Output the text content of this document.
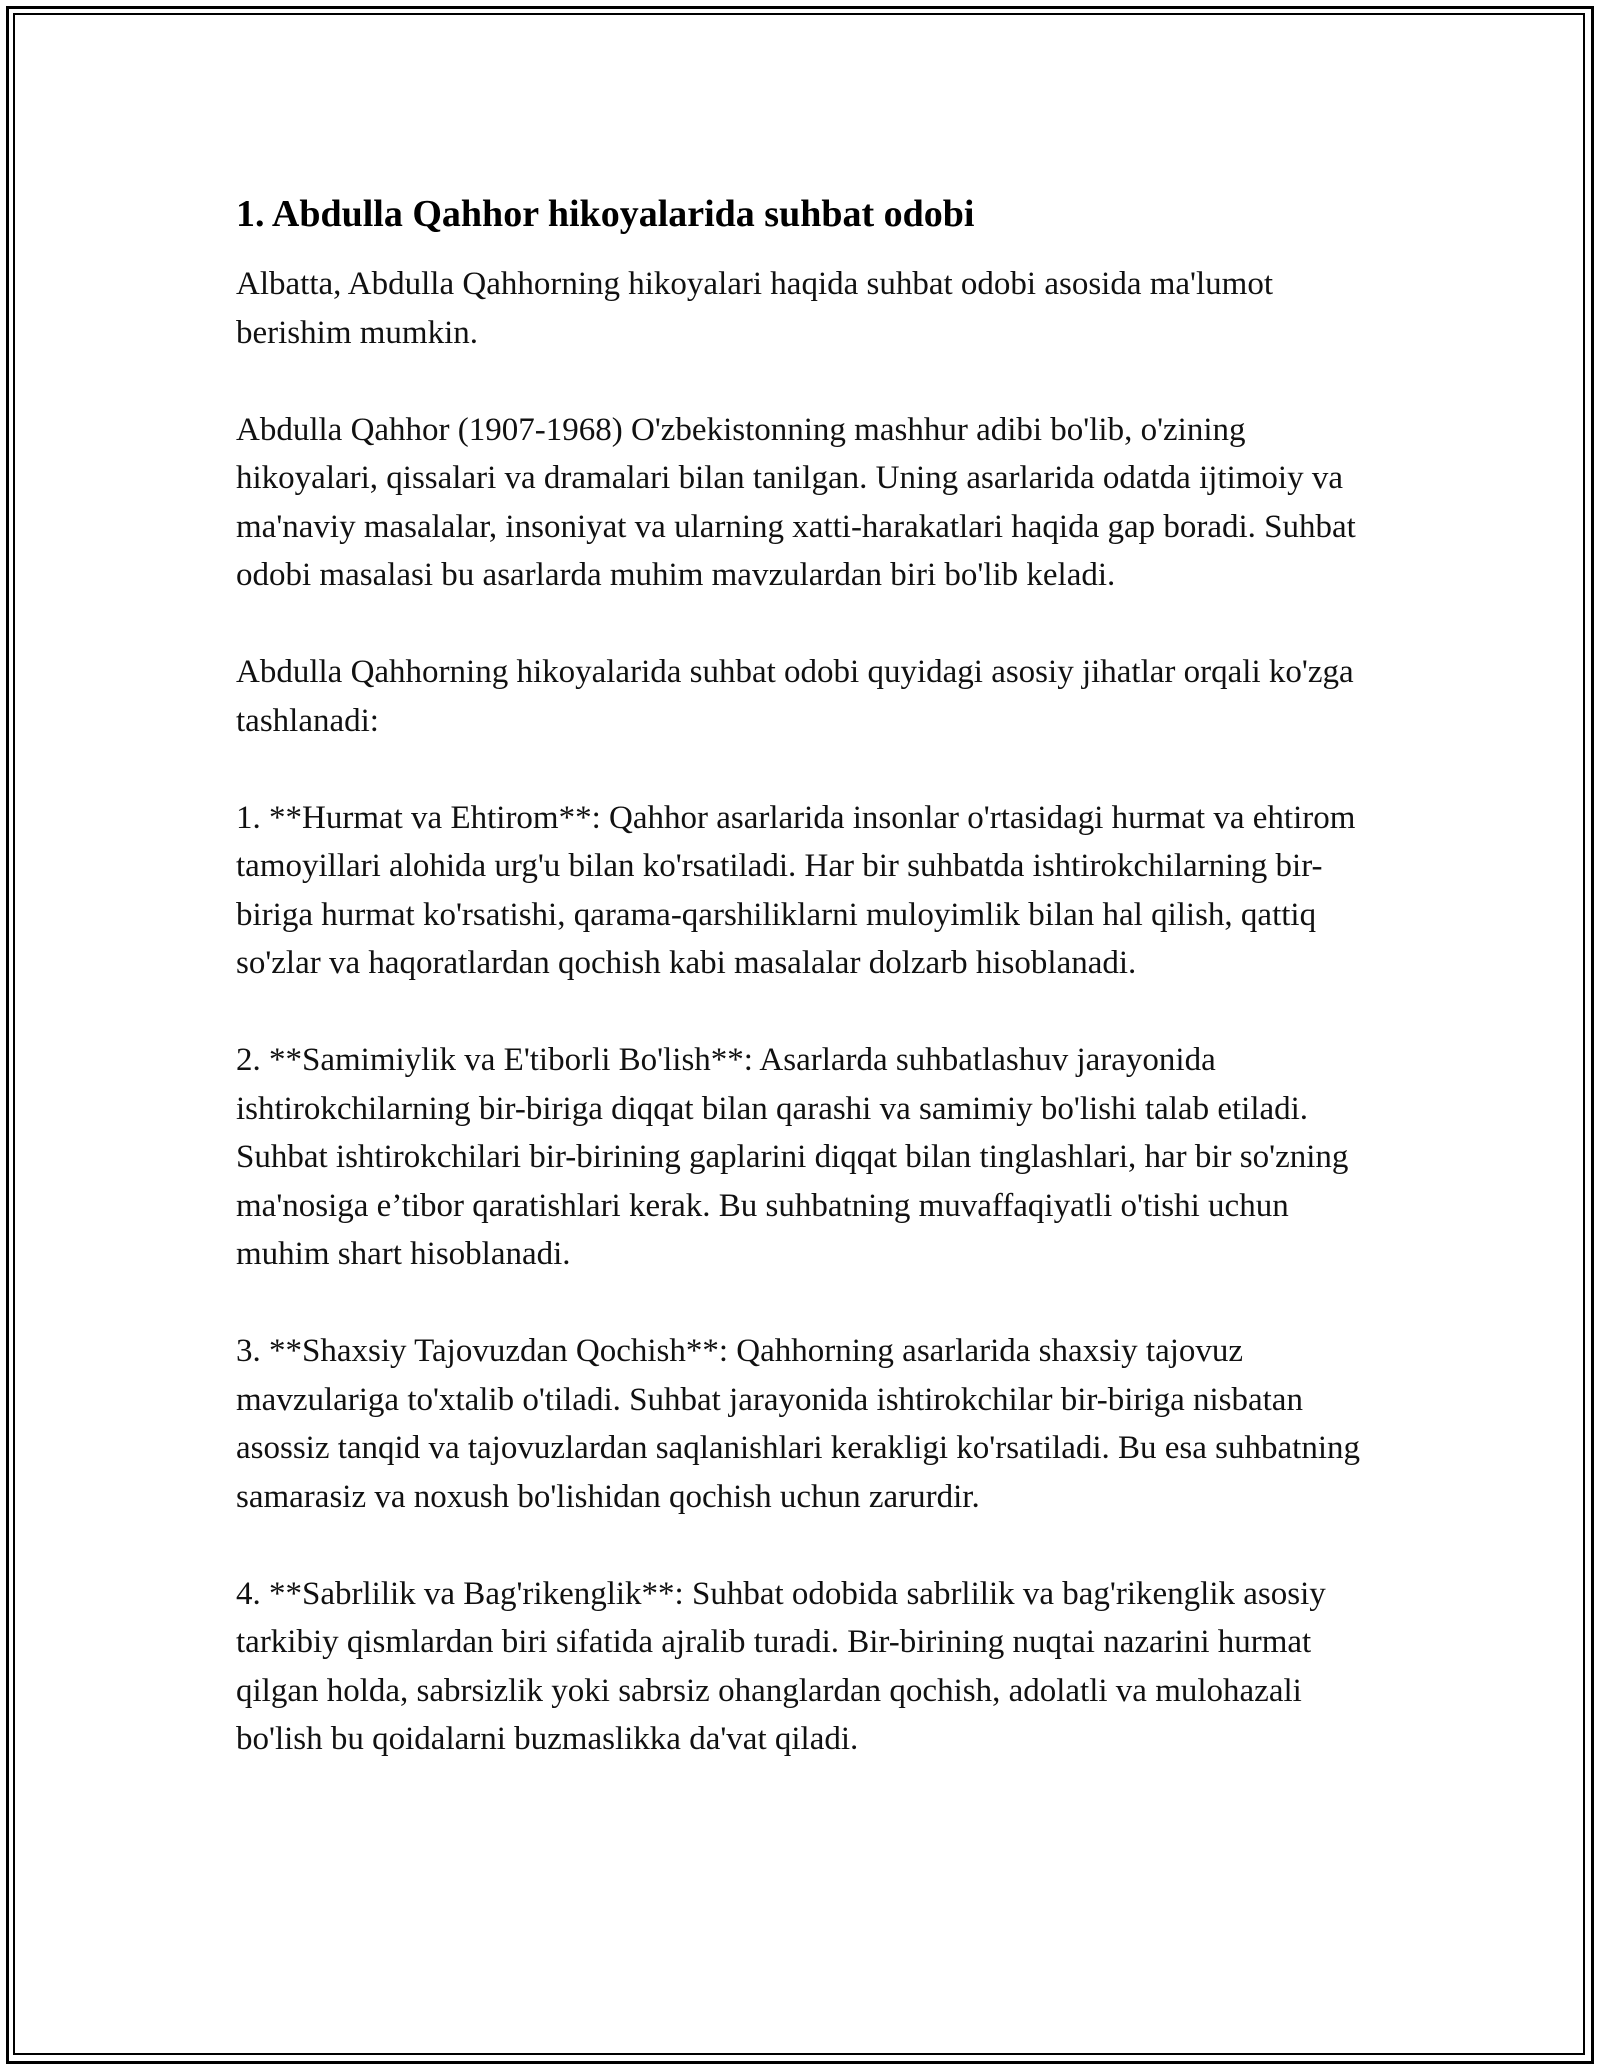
1. Abdulla Qahhor hikoyalarida suhbat odobi

Albatta, Abdulla Qahhorning hikoyalari haqida suhbat odobi asosida ma'lumot berishim mumkin.

Abdulla Qahhor (1907-1968) O'zbekistonning mashhur adibi bo'lib, o'zining hikoyalari, qissalari va dramalari bilan tanilgan. Uning asarlarida odatda ijtimoiy va ma'naviy masalalar, insoniyat va ularning xatti-harakatlari haqida gap boradi. Suhbat odobi masalasi bu asarlarda muhim mavzulardan biri bo'lib keladi.

Abdulla Qahhorning hikoyalarida suhbat odobi quyidagi asosiy jihatlar orqali ko'zga tashlanadi:

1. **Hurmat va Ehtirom**: Qahhor asarlarida insonlar o'rtasidagi hurmat va ehtirom tamoyillari alohida urg'u bilan ko'rsatiladi. Har bir suhbatda ishtirokchilarning bir-biriga hurmat ko'rsatishi, qarama-qarshiliklarni muloyimlik bilan hal qilish, qattiq so'zlar va haqoratlardan qochish kabi masalalar dolzarb hisoblanadi.

2. **Samimiylik va E'tiborli Bo'lish**: Asarlarda suhbatlashuv jarayonida ishtirokchilarning bir-biriga diqqat bilan qarashi va samimiy bo'lishi talab etiladi. Suhbat ishtirokchilari bir-birining gaplarini diqqat bilan tinglashlari, har bir so'zning ma'nosiga e’tibor qaratishlari kerak. Bu suhbatning muvaffaqiyatli o'tishi uchun muhim shart hisoblanadi.

3. **Shaxsiy Tajovuzdan Qochish**: Qahhorning asarlarida shaxsiy tajovuz mavzulariga to'xtalib o'tiladi. Suhbat jarayonida ishtirokchilar bir-biriga nisbatan asossiz tanqid va tajovuzlardan saqlanishlari kerakligi ko'rsatiladi. Bu esa suhbatning samarasiz va noxush bo'lishidan qochish uchun zarurdir.

4. **Sabrlilik va Bag'rikenglik**: Suhbat odobida sabrlilik va bag'rikenglik asosiy tarkibiy qismlardan biri sifatida ajralib turadi. Bir-birining nuqtai nazarini hurmat qilgan holda, sabrsizlik yoki sabrsiz ohanglardan qochish, adolatli va mulohazali bo'lish bu qoidalarni buzmaslikka da'vat qiladi.
